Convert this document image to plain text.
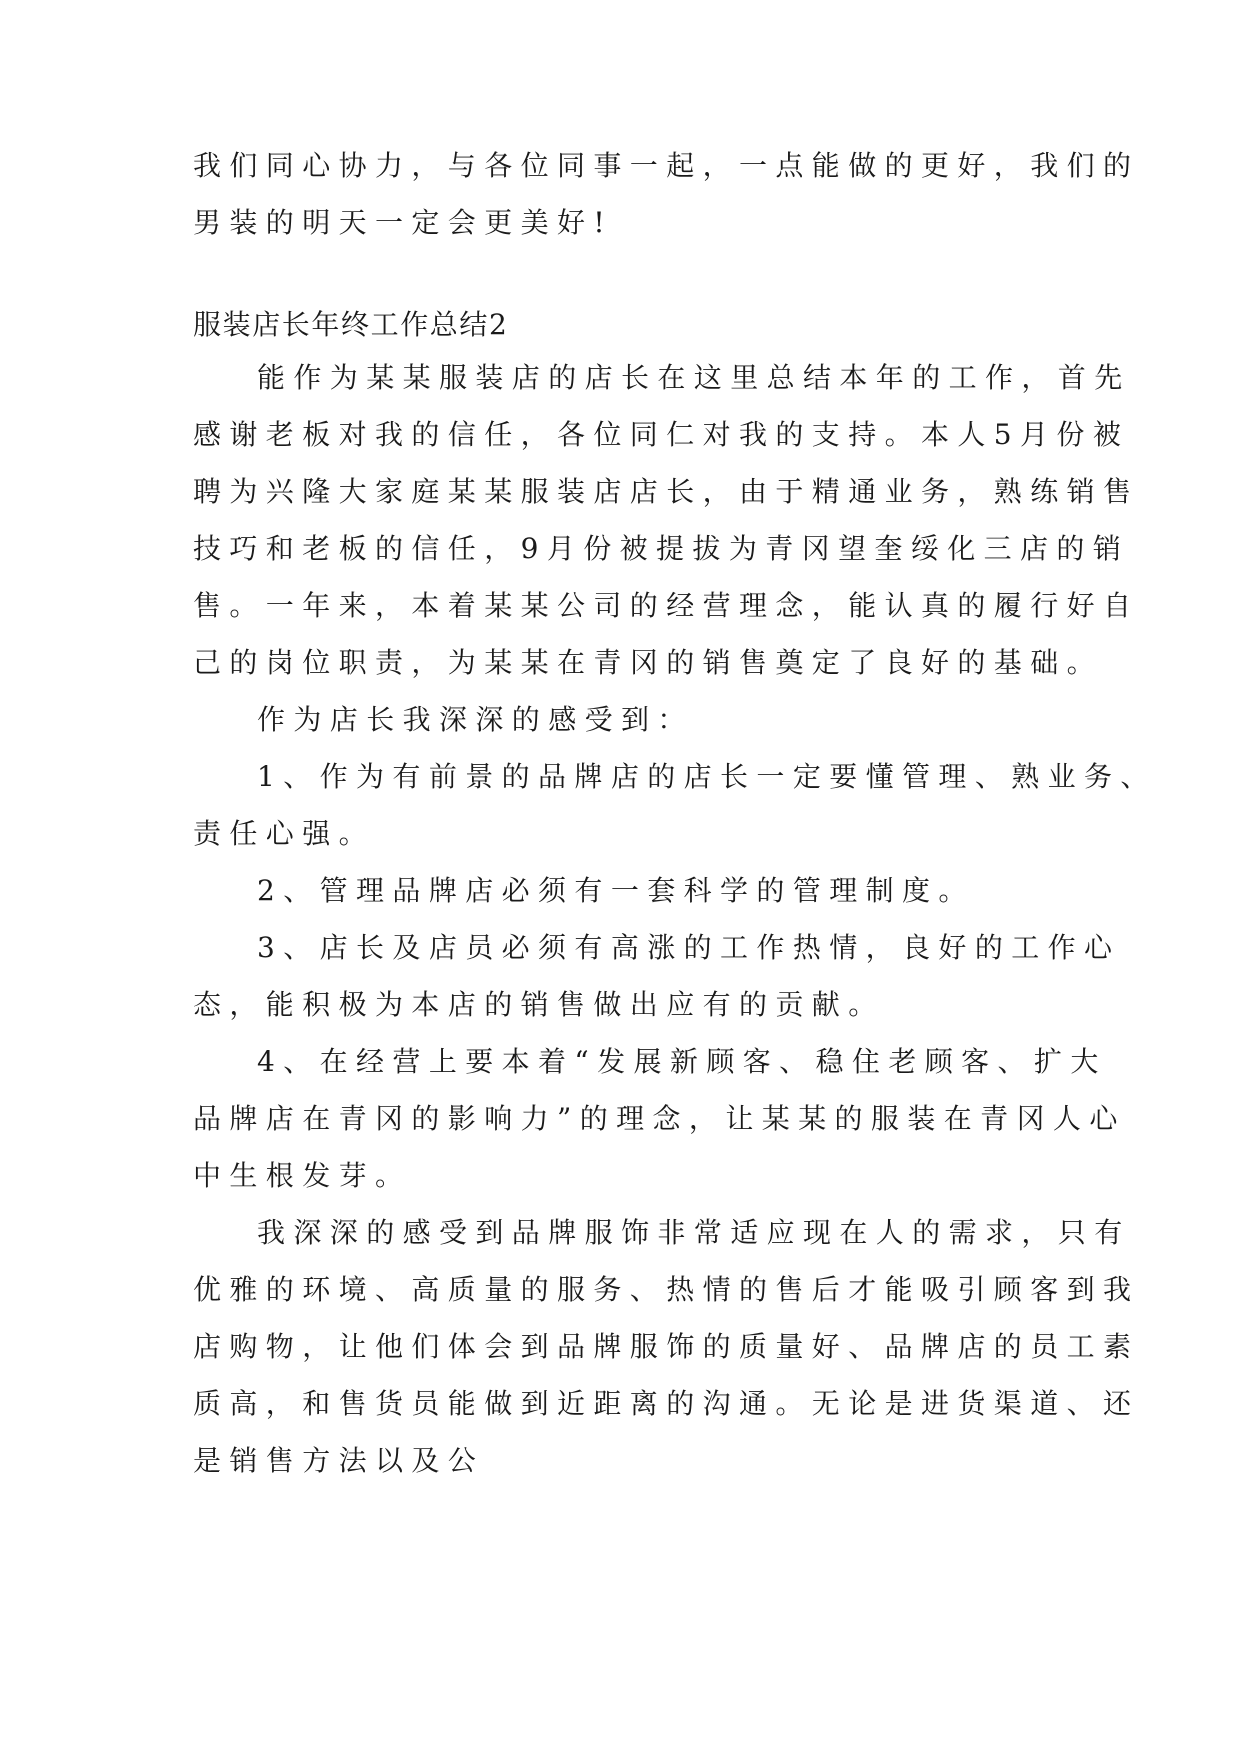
我们同心协力，与各位同事一起，一点能做的更好，我们的
男装的明天一定会更美好!
服装店长年终工作总结2
能作为某某服装店的店长在这里总结本年的工作，首先
感谢老板对我的信任，各位同仁对我的支持。本人5月份被
聘为兴隆大家庭某某服装店店长，由于精通业务，熟练销售
技巧和老板的信任，9月份被提拔为青冈望奎绥化三店的销
售。一年来，本着某某公司的经营理念，能认真的履行好自
己的岗位职责，为某某在青冈的销售奠定了良好的基础。
作为店长我深深的感受到：
1、作为有前景的品牌店的店长一定要懂管理、熟业务、
责任心强。
2、管理品牌店必须有一套科学的管理制度。
3、店长及店员必须有高涨的工作热情，良好的工作心
态，能积极为本店的销售做出应有的贡献。
4、在经营上要本着“发展新顾客、稳住老顾客、扩大
品牌店在青冈的影响力”的理念，让某某的服装在青冈人心
中生根发芽。
我深深的感受到品牌服饰非常适应现在人的需求，只有
优雅的环境、高质量的服务、热情的售后才能吸引顾客到我
店购物，让他们体会到品牌服饰的质量好、品牌店的员工素
质高，和售货员能做到近距离的沟通。无论是进货渠道、还
是销售方法以及公
